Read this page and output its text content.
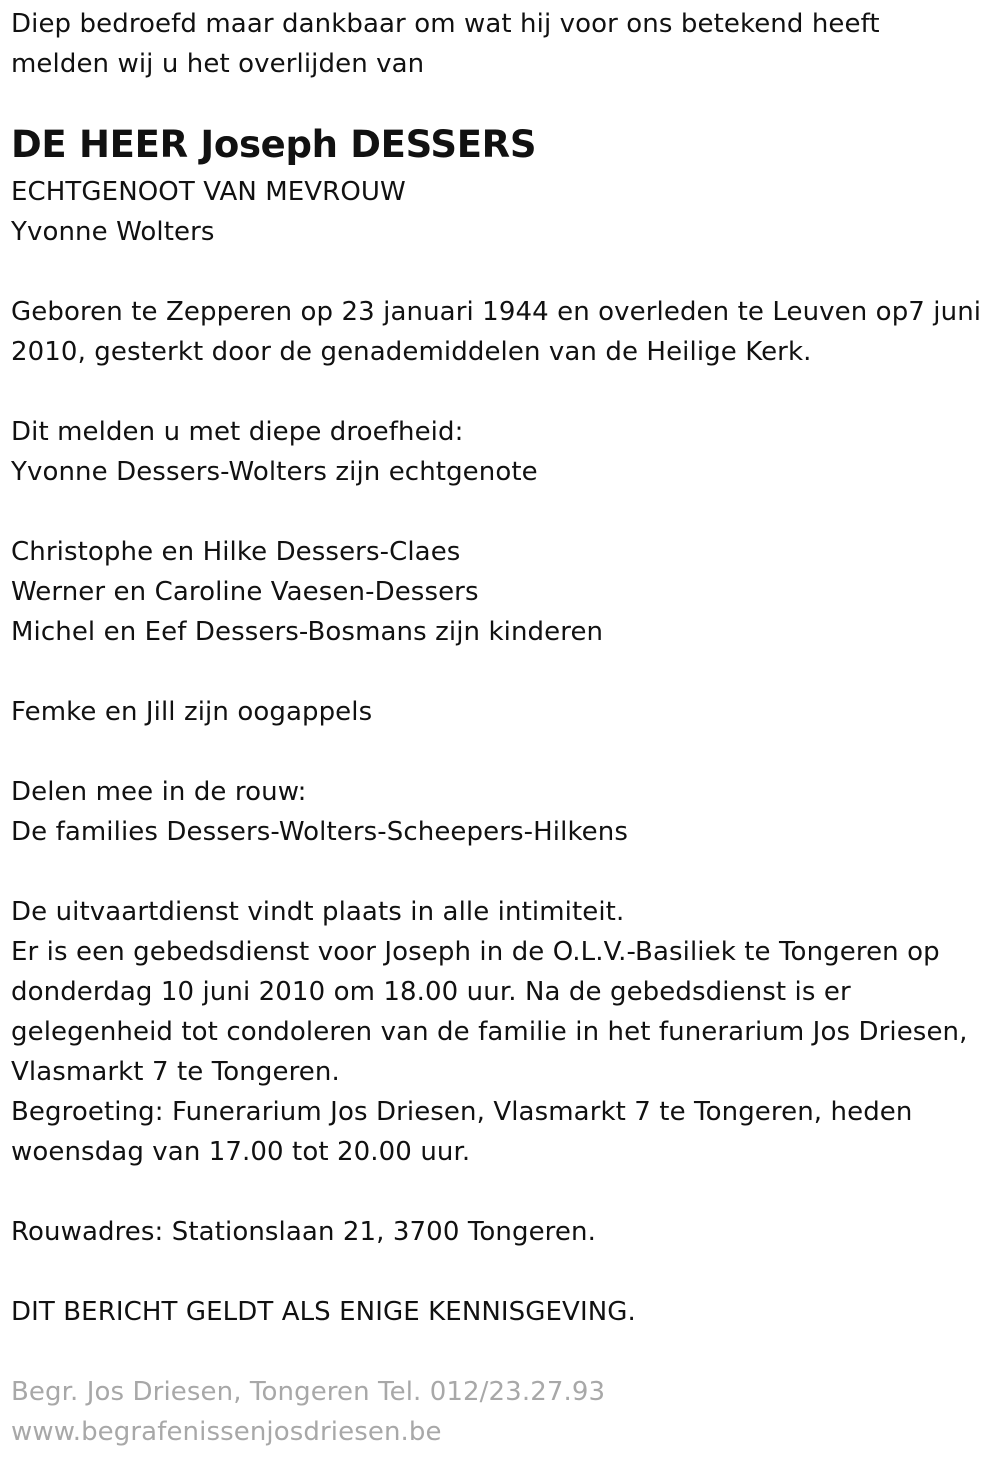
Diep bedroefd maar dankbaar om wat hij voor ons betekend heeft
melden wij u het overlijden van
DE HEER Joseph DESSERS
ECHTGENOOT VAN MEVROUW
Yvonne Wolters
Geboren te Zepperen op 23 januari 1944 en overleden te Leuven op7 juni
2010, gesterkt door de genademiddelen van de Heilige Kerk.
Dit melden u met diepe droefheid:
Yvonne Dessers-Wolters zijn echtgenote
Christophe en Hilke Dessers-Claes
Werner en Caroline Vaesen-Dessers
Michel en Eef Dessers-Bosmans zijn kinderen
Femke en Jill zijn oogappels
Delen mee in de rouw:
De families Dessers-Wolters-Scheepers-Hilkens
De uitvaartdienst vindt plaats in alle intimiteit.
Er is een gebedsdienst voor Joseph in de O.L.V.-Basiliek te Tongeren op
donderdag 10 juni 2010 om 18.00 uur. Na de gebedsdienst is er
gelegenheid tot condoleren van de familie in het funerarium Jos Driesen,
Vlasmarkt 7 te Tongeren.
Begroeting: Funerarium Jos Driesen, Vlasmarkt 7 te Tongeren, heden
woensdag van 17.00 tot 20.00 uur.
Rouwadres: Stationslaan 21, 3700 Tongeren.
DIT BERICHT GELDT ALS ENIGE KENNISGEVING.
Begr. Jos Driesen, Tongeren Tel. 012/23.27.93
www.begrafenissenjosdriesen.be
